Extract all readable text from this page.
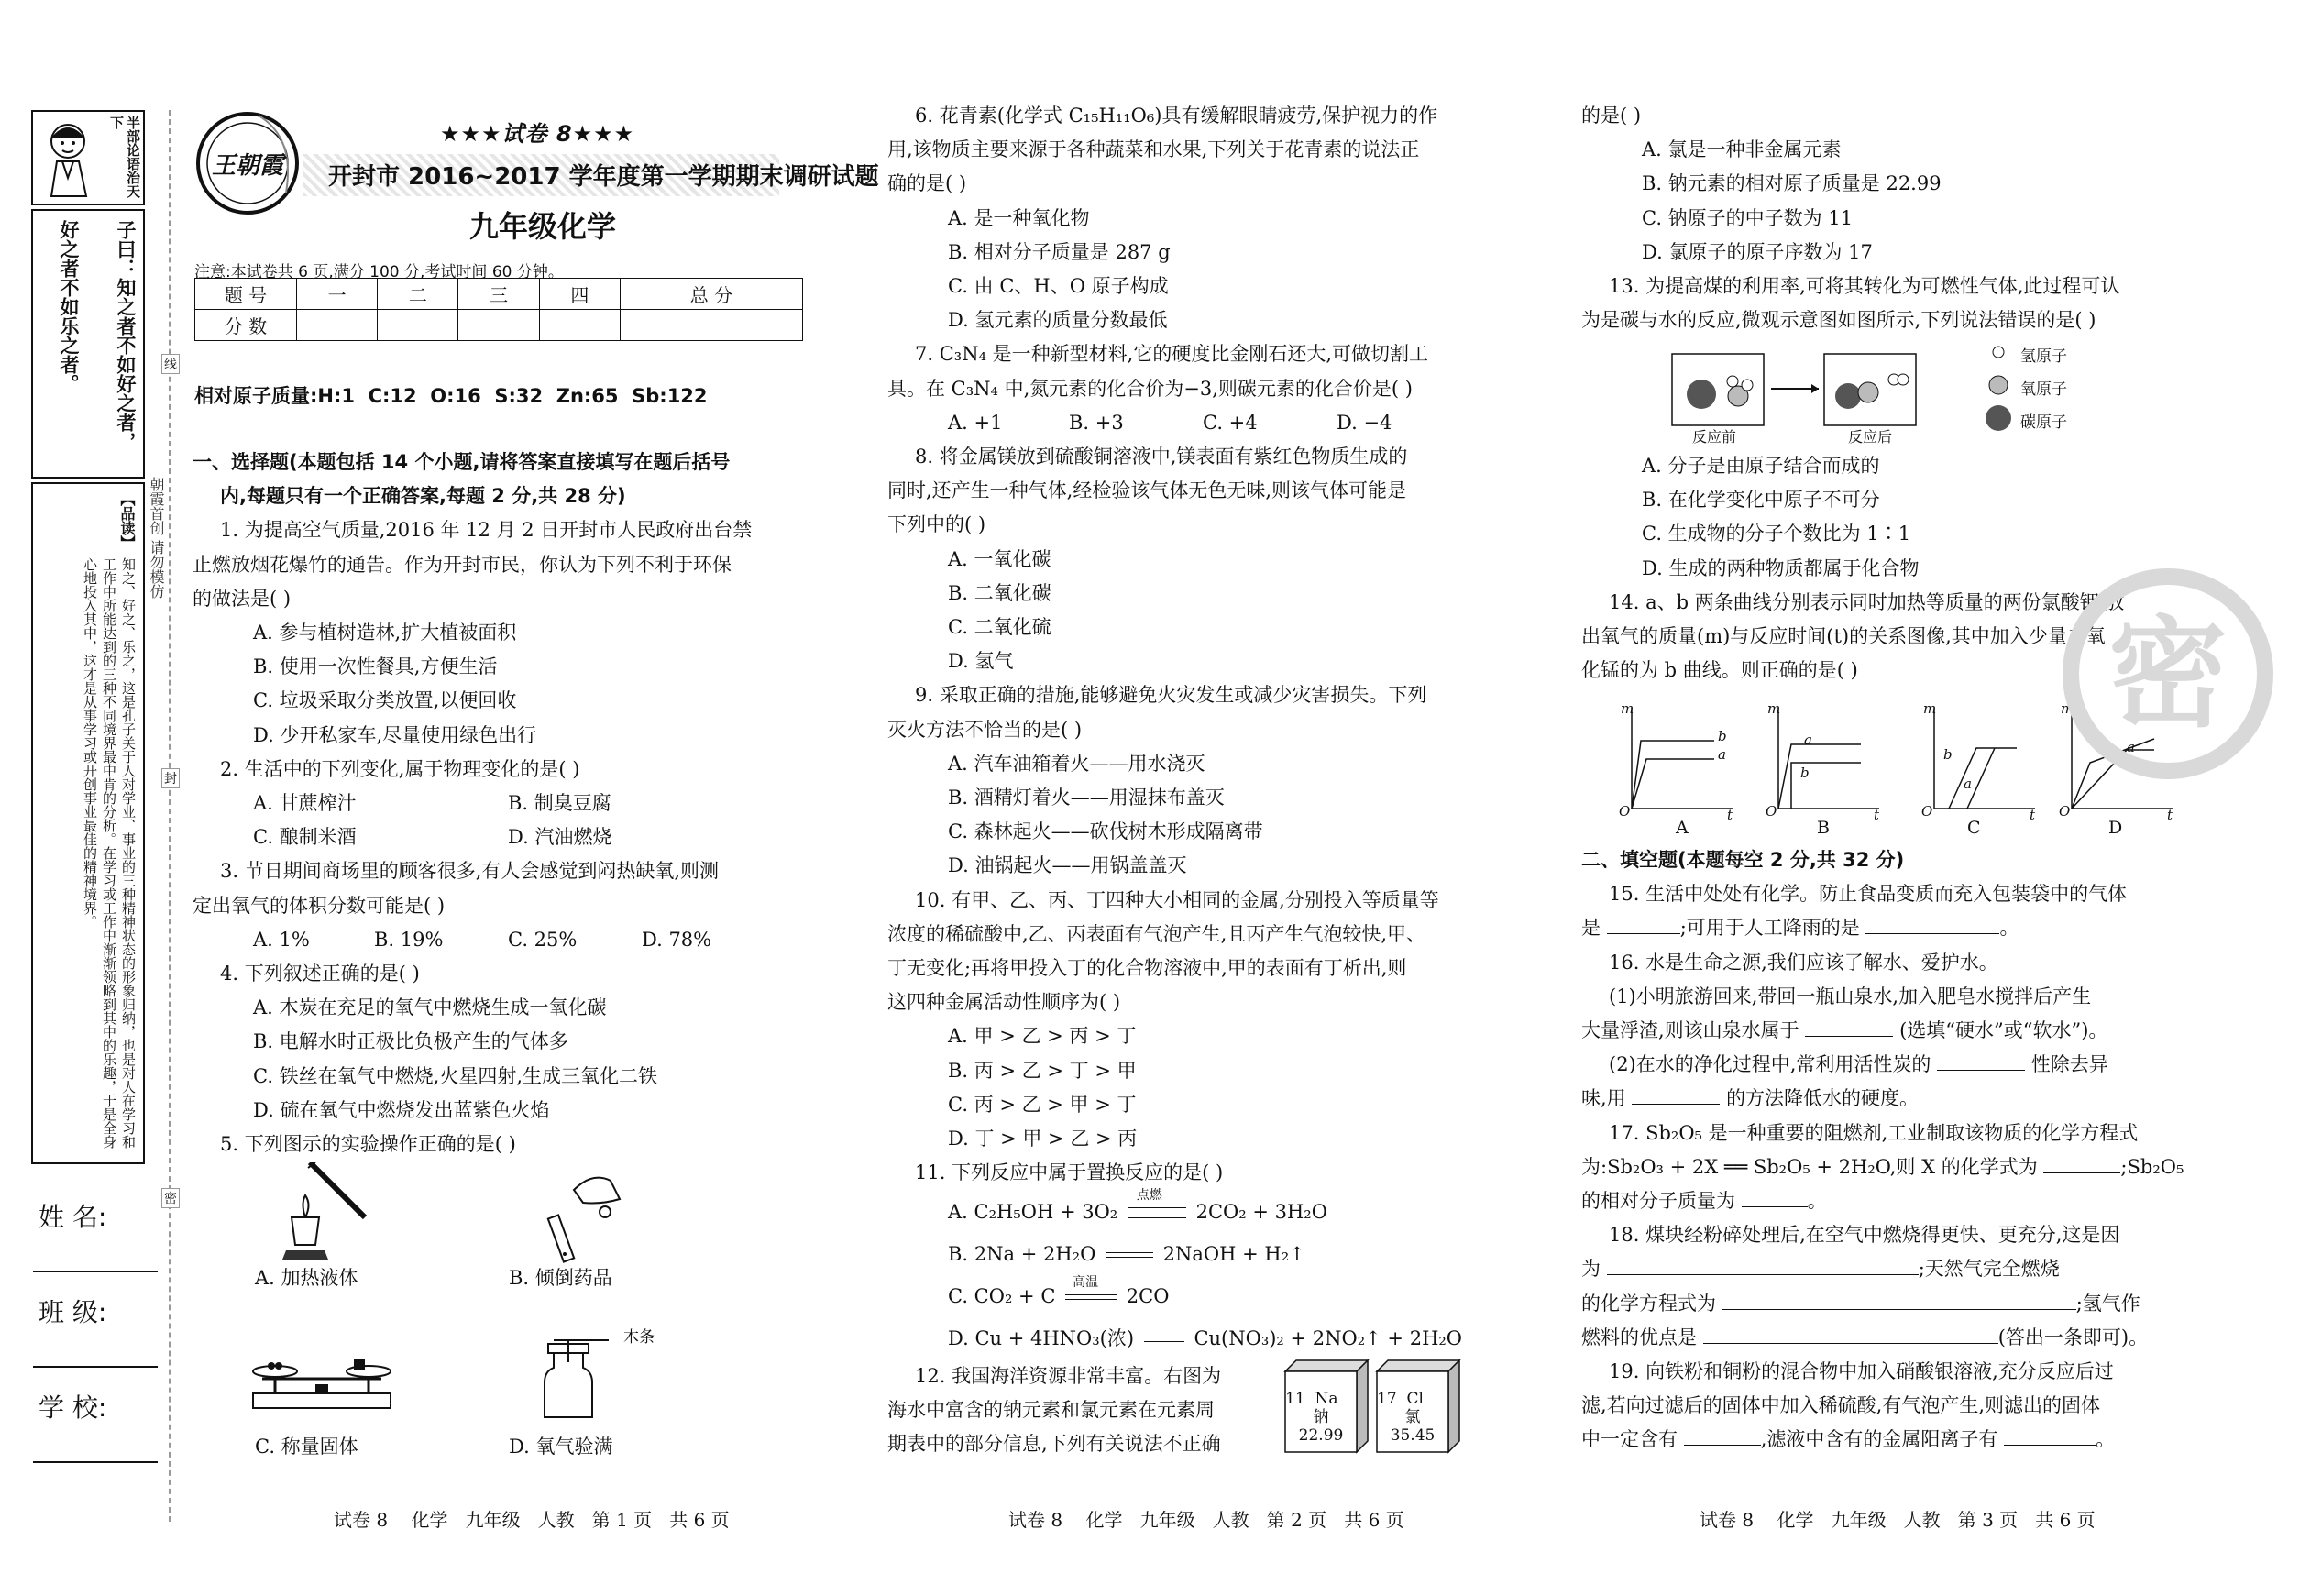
半部论语治天下
子曰：知之者不如好之者，
好之者不如乐之者。
【品读】
知之、好之、乐之，这是孔子关于人对学业、事业的三种精神状态的形象归纳，也是对人在学习和工作中所能达到的三种不同境界最中肯的分析。在学习或工作中渐渐领略到其中的乐趣，于是全身心地投入其中，这才是从事学习或开创事业最佳的精神境界。
朝霞首创 请勿模仿
线
封
密
姓 名:
班 级:
学 校:
王朝霞
★★★试卷 8★★★
开封市 2016~2017 学年度第一学期期末调研试题
九年级化学
注意:本试卷共 6 页,满分 100 分,考试时间 60 分钟。
题 号	一	二	三	四	总 分
分 数					
相对原子质量:H:1  C:12  O:16  S:32  Zn:65  Sb:122
一、选择题(本题包括 14 个小题,请将答案直接填写在题后括号
内,每题只有一个正确答案,每题 2 分,共 28 分)
1. 为提高空气质量,2016 年 12 月 2 日开封市人民政府出台禁
止燃放烟花爆竹的通告。作为开封市民，你认为下列不利于环保
的做法是( )
A. 参与植树造林,扩大植被面积
B. 使用一次性餐具,方便生活
C. 垃圾采取分类放置,以便回收
D. 少开私家车,尽量使用绿色出行
2. 生活中的下列变化,属于物理变化的是( )
A. 甘蔗榨汁	B. 制臭豆腐
C. 酿制米酒	D. 汽油燃烧
3. 节日期间商场里的顾客很多,有人会感觉到闷热缺氧,则测
定出氧气的体积分数可能是( )
A. 1%	B. 19%	C. 25%	D. 78%
4. 下列叙述正确的是( )
A. 木炭在充足的氧气中燃烧生成一氧化碳
B. 电解水时正极比负极产生的气体多
C. 铁丝在氧气中燃烧,火星四射,生成三氧化二铁
D. 硫在氧气中燃烧发出蓝紫色火焰
5. 下列图示的实验操作正确的是( )
A. 加热液体	B. 倾倒药品
木条
C. 称量固体	D. 氧气验满
6. 花青素(化学式 C₁₅H₁₁O₆)具有缓解眼睛疲劳,保护视力的作
用,该物质主要来源于各种蔬菜和水果,下列关于花青素的说法正
确的是( )
A. 是一种氧化物
B. 相对分子质量是 287 g
C. 由 C、H、O 原子构成
D. 氢元素的质量分数最低
7. C₃N₄ 是一种新型材料,它的硬度比金刚石还大,可做切割工
具。在 C₃N₄ 中,氮元素的化合价为−3,则碳元素的化合价是( )
A. +1	B. +3	C. +4	D. −4
8. 将金属镁放到硫酸铜溶液中,镁表面有紫红色物质生成的
同时,还产生一种气体,经检验该气体无色无味,则该气体可能是
下列中的( )
A. 一氧化碳
B. 二氧化碳
C. 二氧化硫
D. 氢气
9. 采取正确的措施,能够避免火灾发生或减少灾害损失。下列
灭火方法不恰当的是( )
A. 汽车油箱着火——用水浇灭
B. 酒精灯着火——用湿抹布盖灭
C. 森林起火——砍伐树木形成隔离带
D. 油锅起火——用锅盖盖灭
10. 有甲、乙、丙、丁四种大小相同的金属,分别投入等质量等
浓度的稀硫酸中,乙、丙表面有气泡产生,且丙产生气泡较快,甲、
丁无变化;再将甲投入丁的化合物溶液中,甲的表面有丁析出,则
这四种金属活动性顺序为( )
A. 甲 > 乙 > 丙 > 丁
B. 丙 > 乙 > 丁 > 甲
C. 丙 > 乙 > 甲 > 丁
D. 丁 > 甲 > 乙 > 丙
11. 下列反应中属于置换反应的是( )
A. C₂H₅OH + 3O₂
点燃
2CO₂ + 3H₂O
B. 2Na + 2H₂O	2NaOH + H₂↑
C. CO₂ + C
高温
2CO
D. Cu + 4HNO₃(浓)	Cu(NO₃)₂ + 2NO₂↑ + 2H₂O
12. 我国海洋资源非常丰富。右图为
海水中富含的钠元素和氯元素在元素周
期表中的部分信息,下列有关说法不正确
11 Na
钠
22.99
17 Cl
氯
35.45
的是( )
A. 氯是一种非金属元素
B. 钠元素的相对原子质量是 22.99
C. 钠原子的中子数为 11
D. 氯原子的原子序数为 17
13. 为提高煤的利用率,可将其转化为可燃性气体,此过程可认
为是碳与水的反应,微观示意图如图所示,下列说法错误的是( )
反应前	反应后
氢原子
氧原子
碳原子
A. 分子是由原子结合而成的
B. 在化学变化中原子不可分
C. 生成物的分子个数比为 1∶1
D. 生成的两种物质都属于化合物
14. a、b 两条曲线分别表示同时加热等质量的两份氯酸钾,放
出氧气的质量(m)与反应时间(t)的关系图像,其中加入少量二氧
化锰的为 b 曲线。则正确的是( )
m
O	t
b
a
A
m
O	t
a
b
B
m
O	t
b
a
C
m
O	t
b a
D
二、填空题(本题每空 2 分,共 32 分)
15. 生活中处处有化学。防止食品变质而充入包装袋中的气体
是	;可用于人工降雨的是	。
16. 水是生命之源,我们应该了解水、爱护水。
(1)小明旅游回来,带回一瓶山泉水,加入肥皂水搅拌后产生
大量浮渣,则该山泉水属于	(选填“硬水”或“软水”)。
(2)在水的净化过程中,常利用活性炭的	性除去异
味,用	的方法降低水的硬度。
17. Sb₂O₅ 是一种重要的阻燃剂,工业制取该物质的化学方程式
为:Sb₂O₃ + 2X ══ Sb₂O₅ + 2H₂O,则 X 的化学式为	;Sb₂O₅
的相对分子质量为	。
18. 煤块经粉碎处理后,在空气中燃烧得更快、更充分,这是因
为	;天然气完全燃烧
的化学方程式为	;氢气作
燃料的优点是	(答出一条即可)。
19. 向铁粉和铜粉的混合物中加入硝酸银溶液,充分反应后过
滤,若向过滤后的固体中加入稀硫酸,有气泡产生,则滤出的固体
中一定含有	,滤液中含有的金属阳离子有	。
密
试卷 8    化学   九年级   人教   第 1 页   共 6 页	试卷 8    化学   九年级   人教   第 2 页   共 6 页	试卷 8    化学   九年级   人教   第 3 页   共 6 页
